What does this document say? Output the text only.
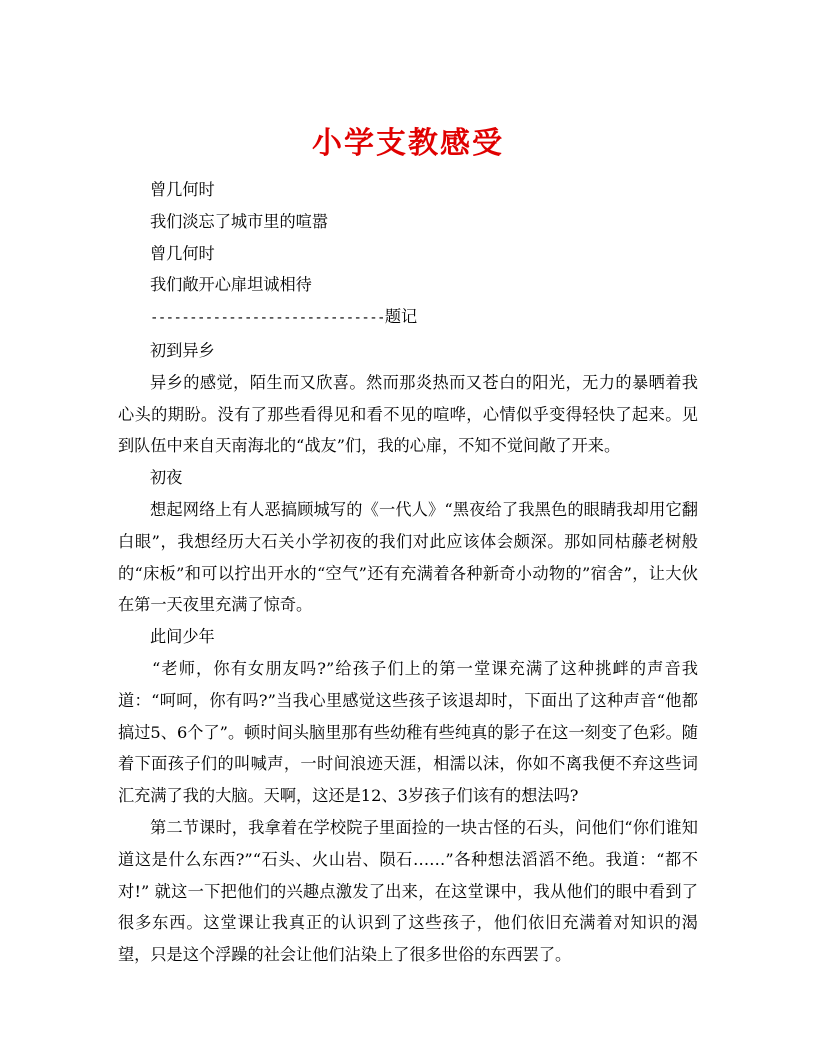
小学支教感受

曾几何时

我们淡忘了城市里的喧嚣

曾几何时

我们敞开心扉坦诚相待

------------------------------题记

初到异乡

异乡的感觉，陌生而又欣喜。然而那炎热而又苍白的阳光，无力的暴晒着我心头的期盼。没有了那些看得见和看不见的喧哗，心情似乎变得轻快了起来。见到队伍中来自天南海北的“战友”们，我的心扉，不知不觉间敞了开来。

初夜

想起网络上有人恶搞顾城写的《一代人》“黑夜给了我黑色的眼睛我却用它翻白眼”，我想经历大石关小学初夜的我们对此应该体会颇深。那如同枯藤老树般的“床板”和可以拧出开水的“空气”还有充满着各种新奇小动物的”宿舍”，让大伙在第一天夜里充满了惊奇。

此间少年

“老师，你有女朋友吗?”给孩子们上的第一堂课充满了这种挑衅的声音我道：“呵呵，你有吗?”当我心里感觉这些孩子该退却时，下面出了这种声音“他都搞过5、6个了”。顿时间头脑里那有些幼稚有些纯真的影子在这一刻变了色彩。随着下面孩子们的叫喊声，一时间浪迹天涯，相濡以沫，你如不离我便不弃这些词汇充满了我的大脑。天啊，这还是12、3岁孩子们该有的想法吗?

第二节课时，我拿着在学校院子里面捡的一块古怪的石头，问他们“你们谁知道这是什么东西?”“石头、火山岩、陨石……”各种想法滔滔不绝。我道：“都不对!” 就这一下把他们的兴趣点激发了出来，在这堂课中，我从他们的眼中看到了很多东西。这堂课让我真正的认识到了这些孩子，他们依旧充满着对知识的渴望，只是这个浮躁的社会让他们沾染上了很多世俗的东西罢了。
